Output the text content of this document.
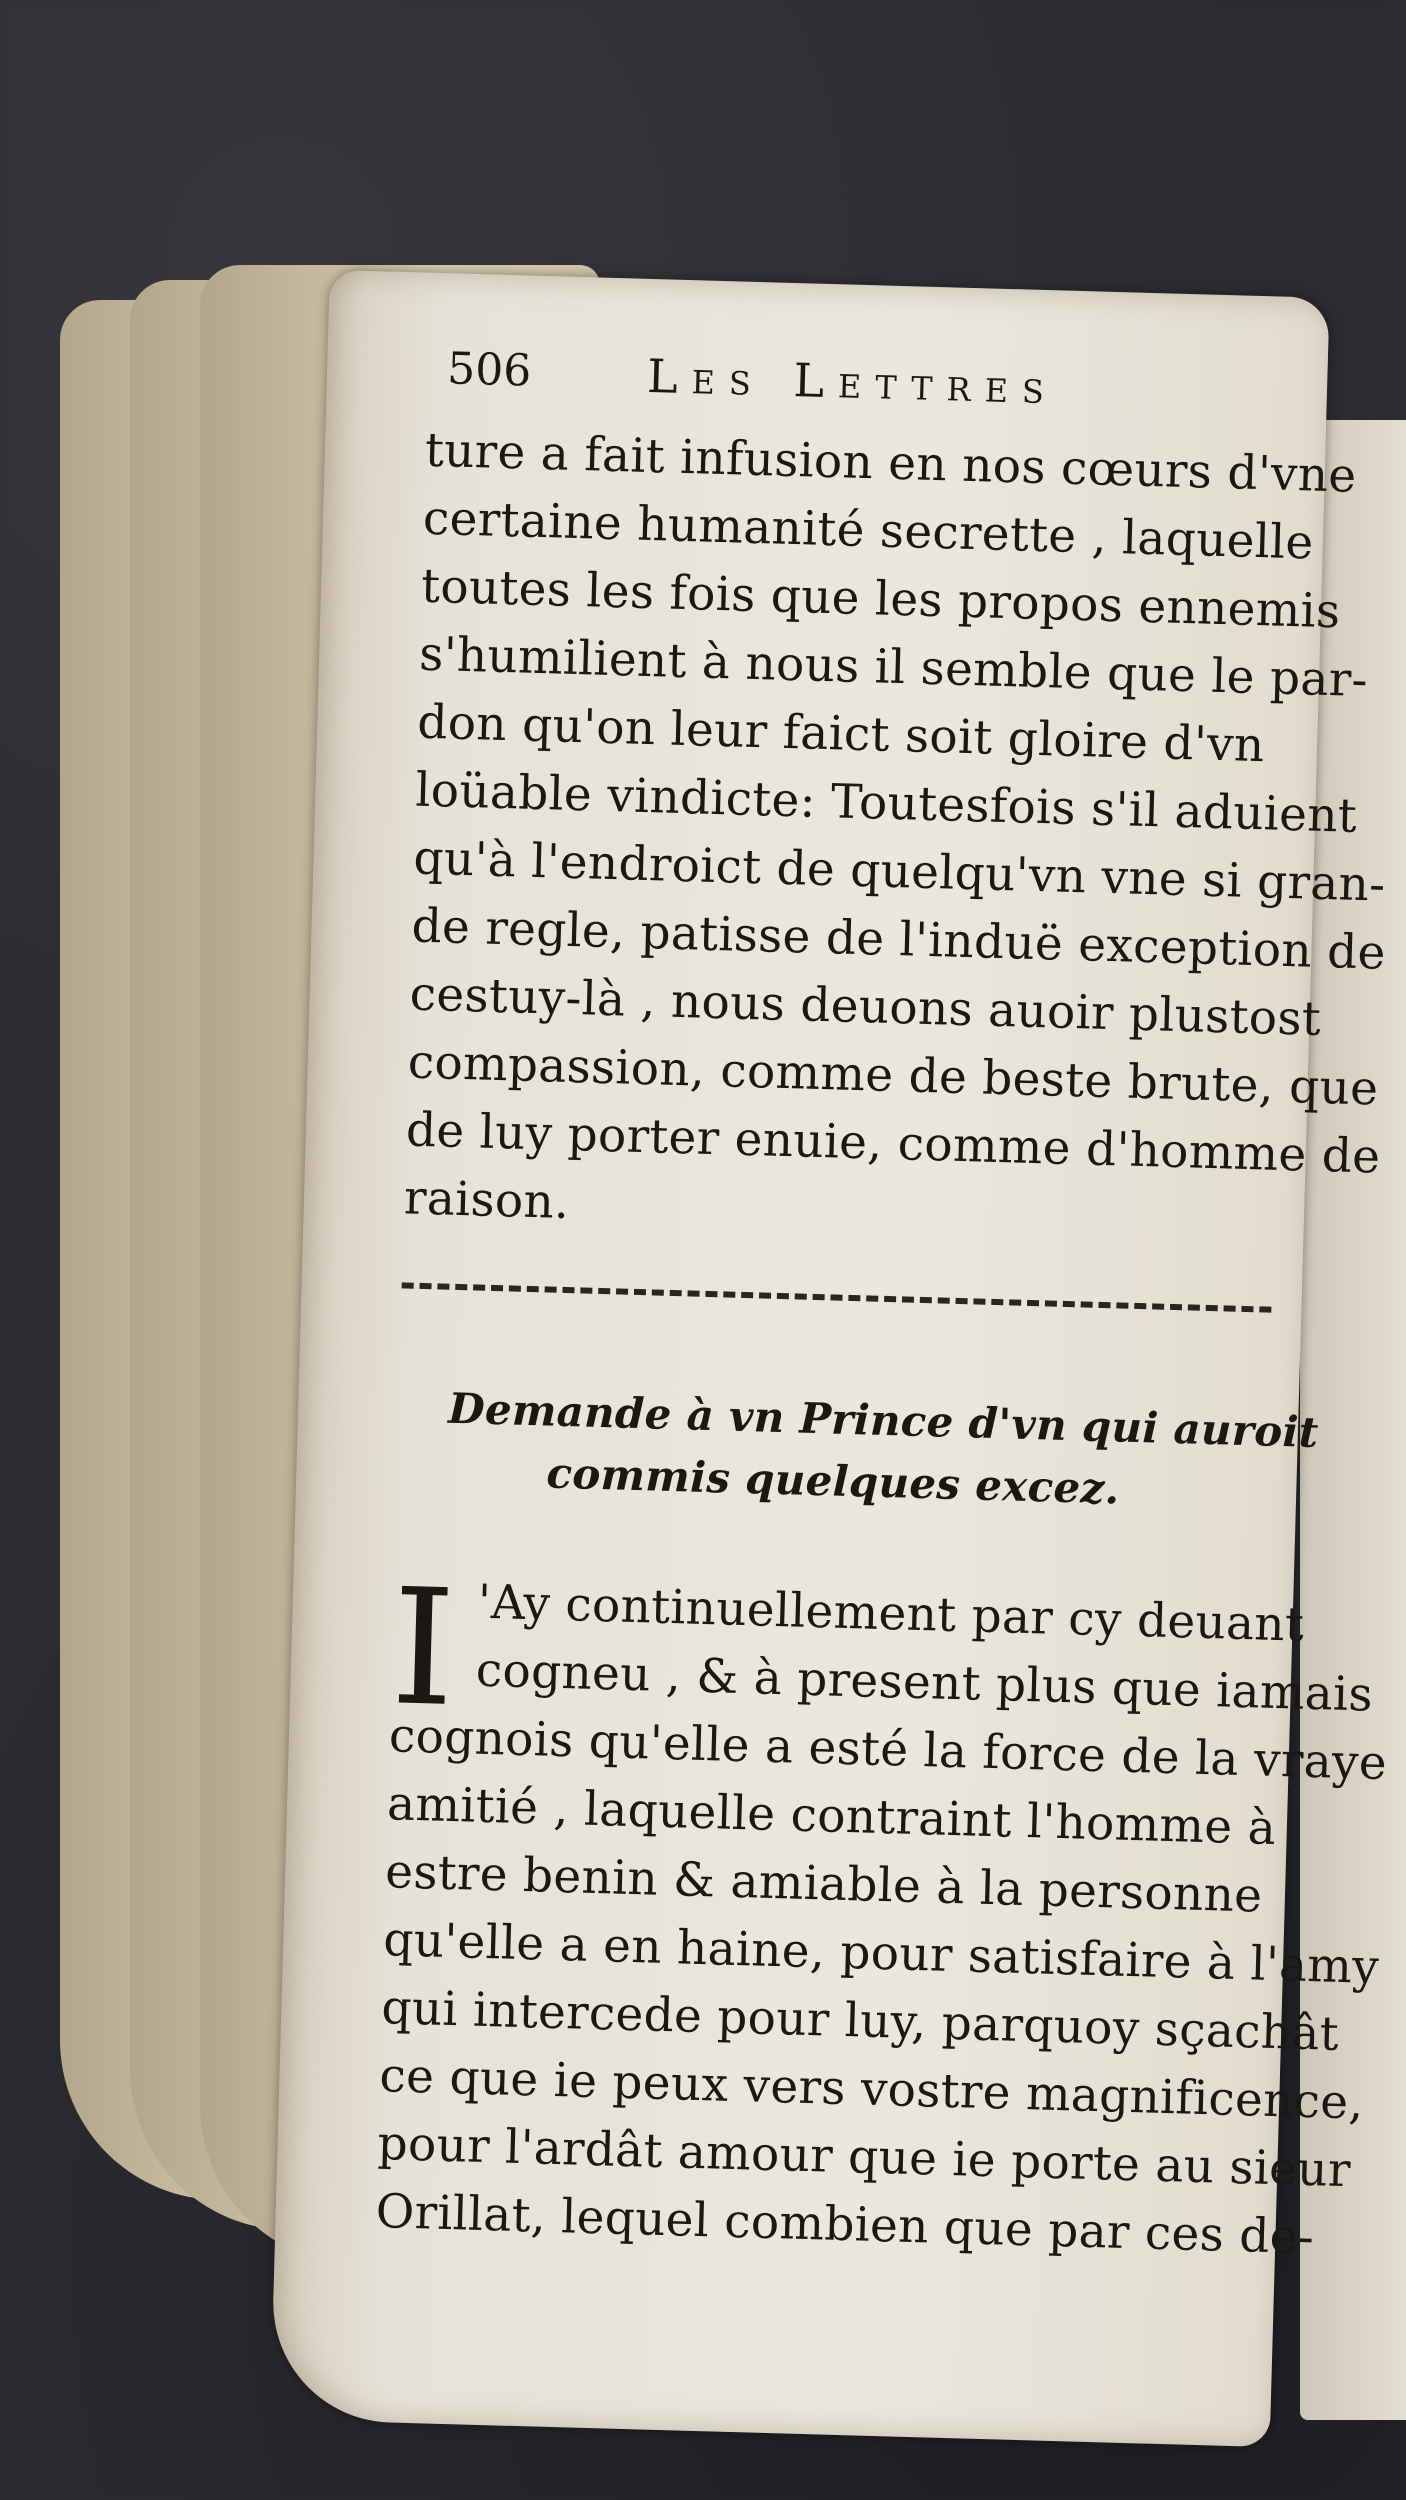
506 Les Lettres
ture a fait infusion en nos cœurs d'vne
certaine humanité secrette , laquelle
toutes les fois que les propos ennemis
s'humilient à nous il semble que le par-
don qu'on leur faict soit gloire d'vn
loüable vindicte: Toutesfois s'il aduient
qu'à l'endroict de quelqu'vn vne si gran-
de regle, patisse de l'induë exception de
cestuy-là , nous deuons auoir plustost
compassion, comme de beste brute, que
de luy porter enuie, comme d'homme de
raison.
Demande à vn Prince d'vn qui auroit
commis quelques excez.
I 'Ay continuellement par cy deuant
cogneu , & à present plus que iamais
cognois qu'elle a esté la force de la vraye
amitié , laquelle contraint l'homme à
estre benin & amiable à la personne
qu'elle a en haine, pour satisfaire à l'amy
qui intercede pour luy, parquoy sçachât
ce que ie peux vers vostre magnificence,
pour l'ardât amour que ie porte au sieur
Orillat, lequel combien que par ces de-
